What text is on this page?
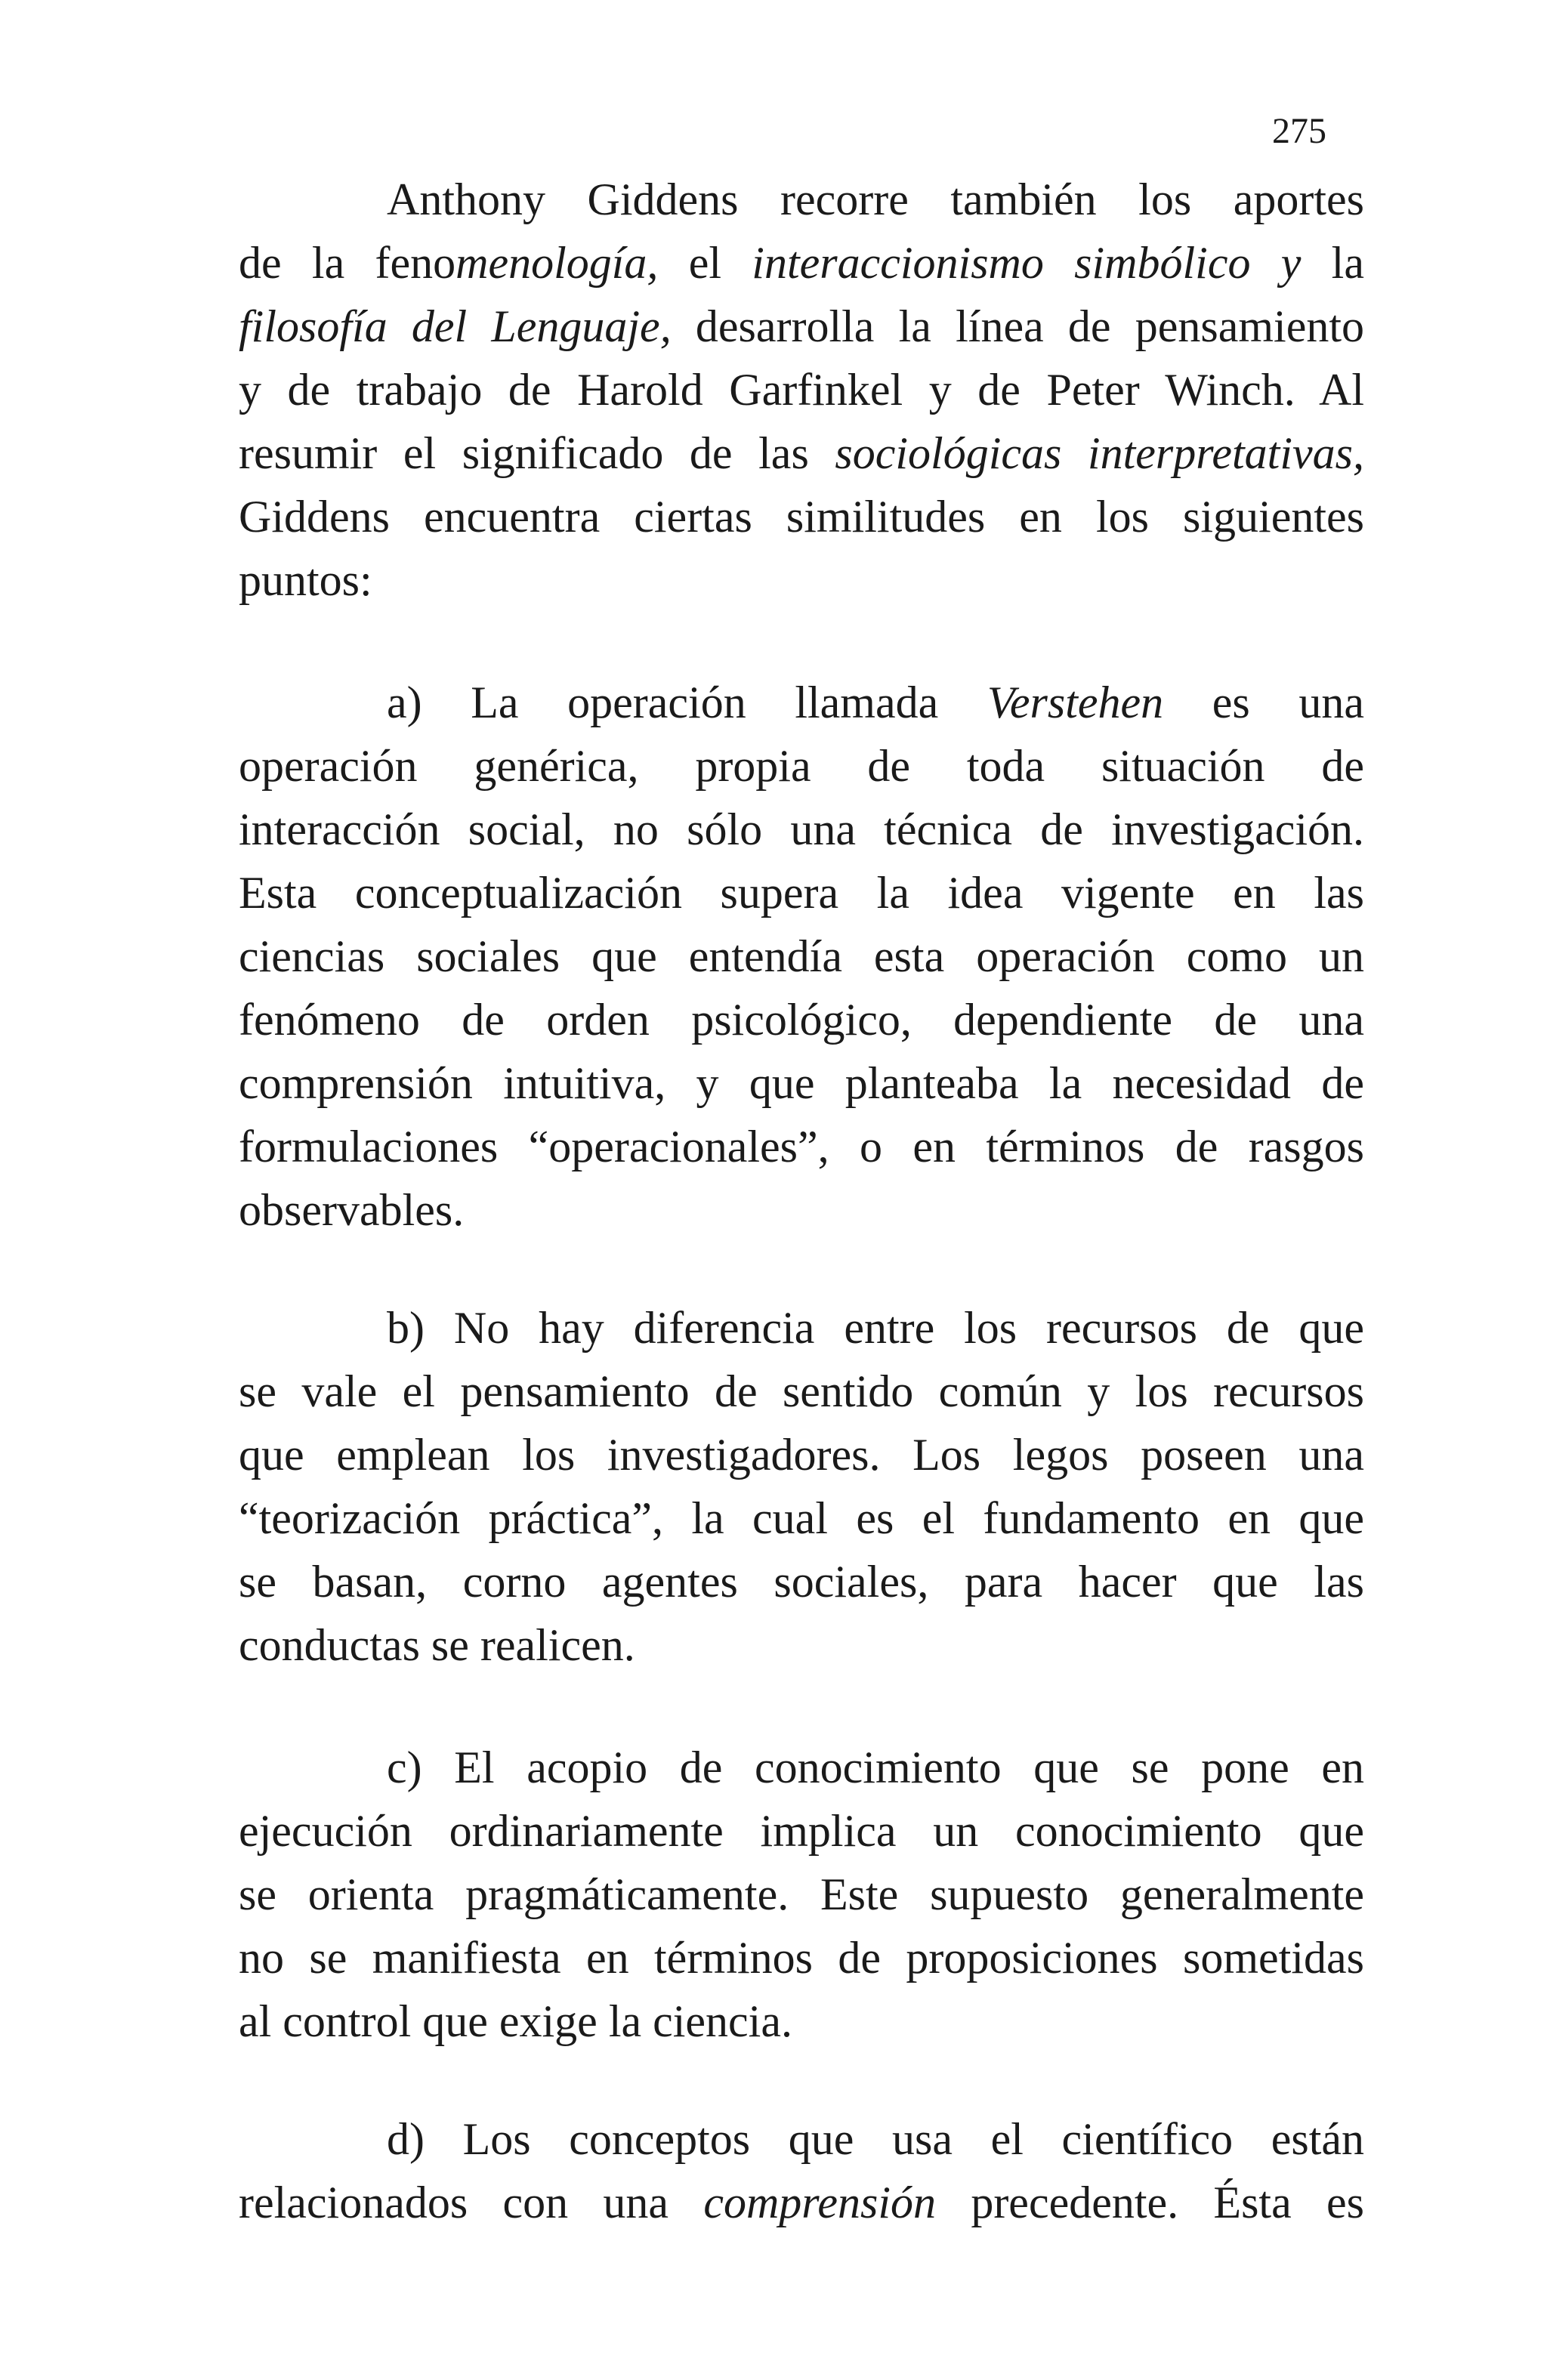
275
Anthony Giddens recorre también los aportes
de la fenomenología, el interaccionismo simbólico y la
filosofía del Lenguaje, desarrolla la línea de pensamiento
y de trabajo de Harold Garfinkel y de Peter Winch. Al
resumir el significado de las sociológicas interpretativas,
Giddens encuentra ciertas similitudes en los siguientes
puntos:
a) La operación llamada Verstehen es una
operación genérica, propia de toda situación de
interacción social, no sólo una técnica de investigación.
Esta conceptualización supera la idea vigente en las
ciencias sociales que entendía esta operación como un
fenómeno de orden psicológico, dependiente de una
comprensión intuitiva, y que planteaba la necesidad de
formulaciones “operacionales”, o en términos de rasgos
observables.
b) No hay diferencia entre los recursos de que
se vale el pensamiento de sentido común y los recursos
que emplean los investigadores. Los legos poseen una
“teorización práctica”, la cual es el fundamento en que
se basan, corno agentes sociales, para hacer que las
conductas se realicen.
c) El acopio de conocimiento que se pone en
ejecución ordinariamente implica un conocimiento que
se orienta pragmáticamente. Este supuesto generalmente
no se manifiesta en términos de proposiciones sometidas
al control que exige la ciencia.
d) Los conceptos que usa el científico están
relacionados con una comprensión precedente. Ésta es
